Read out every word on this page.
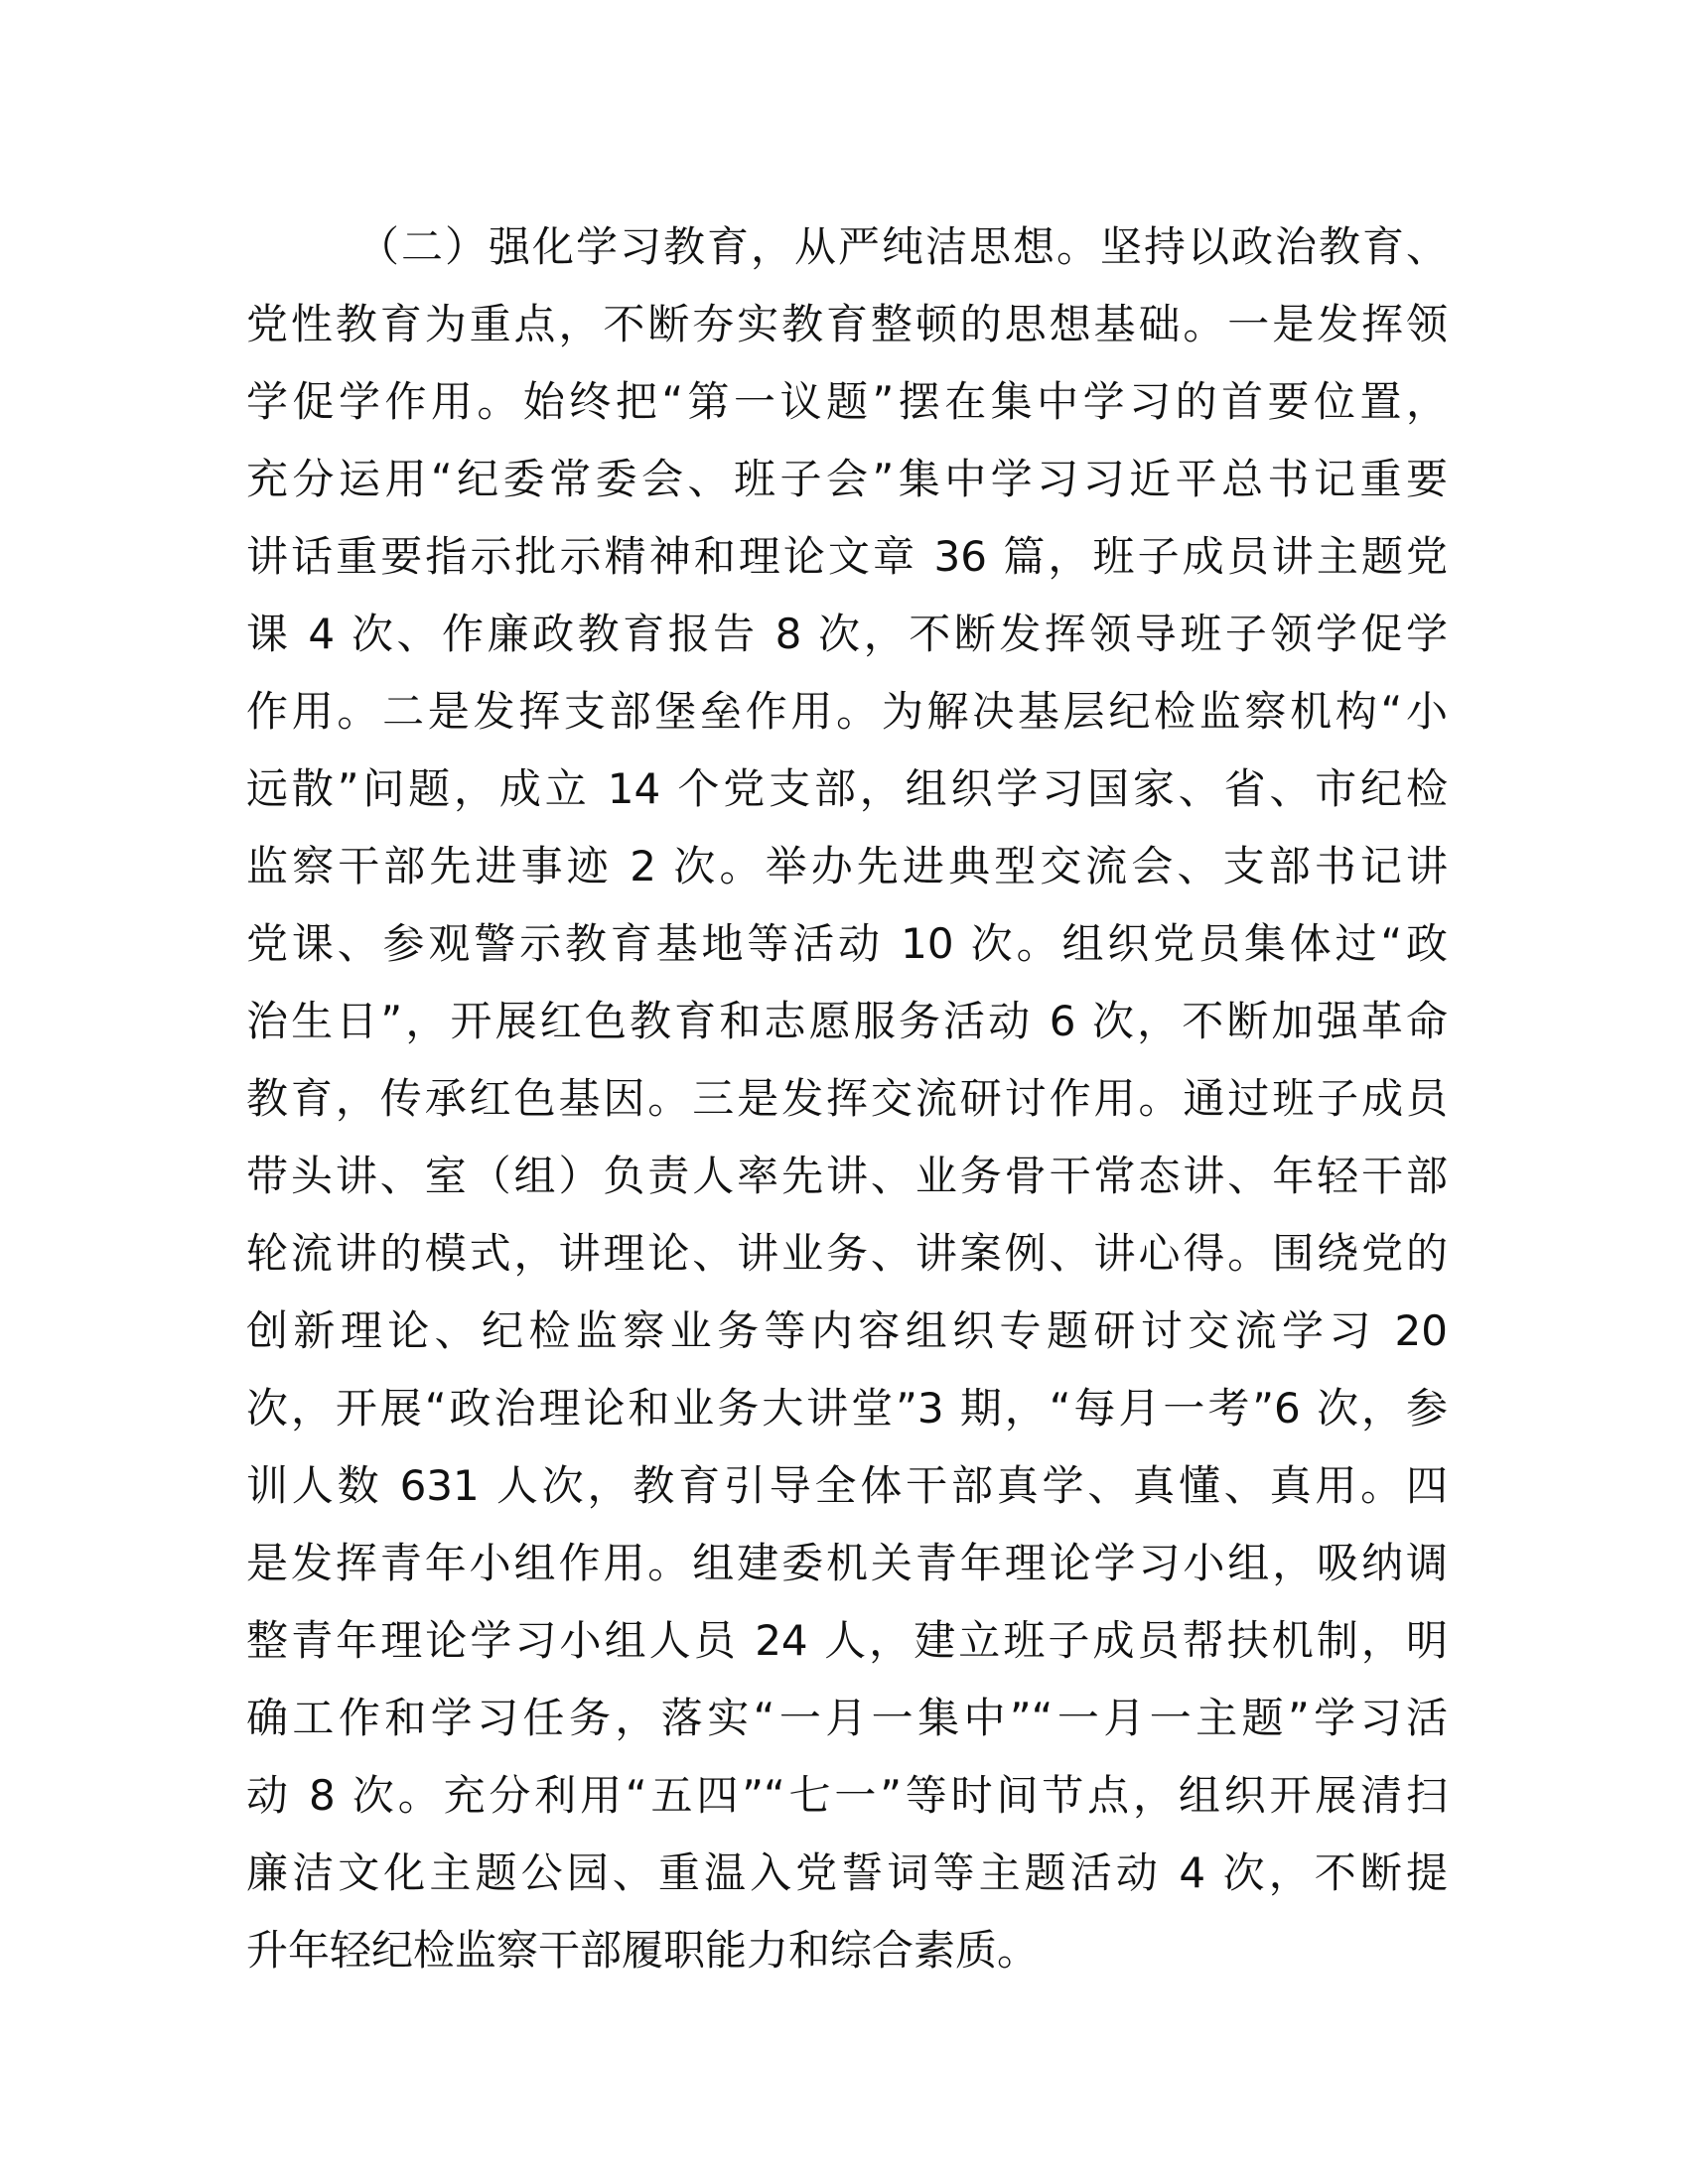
（二）强化学习教育，从严纯洁思想。坚持以政治教育、
党性教育为重点，不断夯实教育整顿的思想基础。一是发挥领
学促学作用。始终把“第一议题”摆在集中学习的首要位置，
充分运用“纪委常委会、班子会”集中学习习近平总书记重要
讲话重要指示批示精神和理论文章 36 篇，班子成员讲主题党
课 4 次、作廉政教育报告 8 次，不断发挥领导班子领学促学
作用。二是发挥支部堡垒作用。为解决基层纪检监察机构“小
远散”问题，成立 14 个党支部，组织学习国家、省、市纪检
监察干部先进事迹 2 次。举办先进典型交流会、支部书记讲
党课、参观警示教育基地等活动 10 次。组织党员集体过“政
治生日”，开展红色教育和志愿服务活动 6 次，不断加强革命
教育，传承红色基因。三是发挥交流研讨作用。通过班子成员
带头讲、室（组）负责人率先讲、业务骨干常态讲、年轻干部
轮流讲的模式，讲理论、讲业务、讲案例、讲心得。围绕党的
创新理论、纪检监察业务等内容组织专题研讨交流学习 20
次，开展“政治理论和业务大讲堂”3 期，“每月一考”6 次，参
训人数 631 人次，教育引导全体干部真学、真懂、真用。四
是发挥青年小组作用。组建委机关青年理论学习小组，吸纳调
整青年理论学习小组人员 24 人，建立班子成员帮扶机制，明
确工作和学习任务，落实“一月一集中”“一月一主题”学习活
动 8 次。充分利用“五四”“七一”等时间节点，组织开展清扫
廉洁文化主题公园、重温入党誓词等主题活动 4 次，不断提
升年轻纪检监察干部履职能力和综合素质。
